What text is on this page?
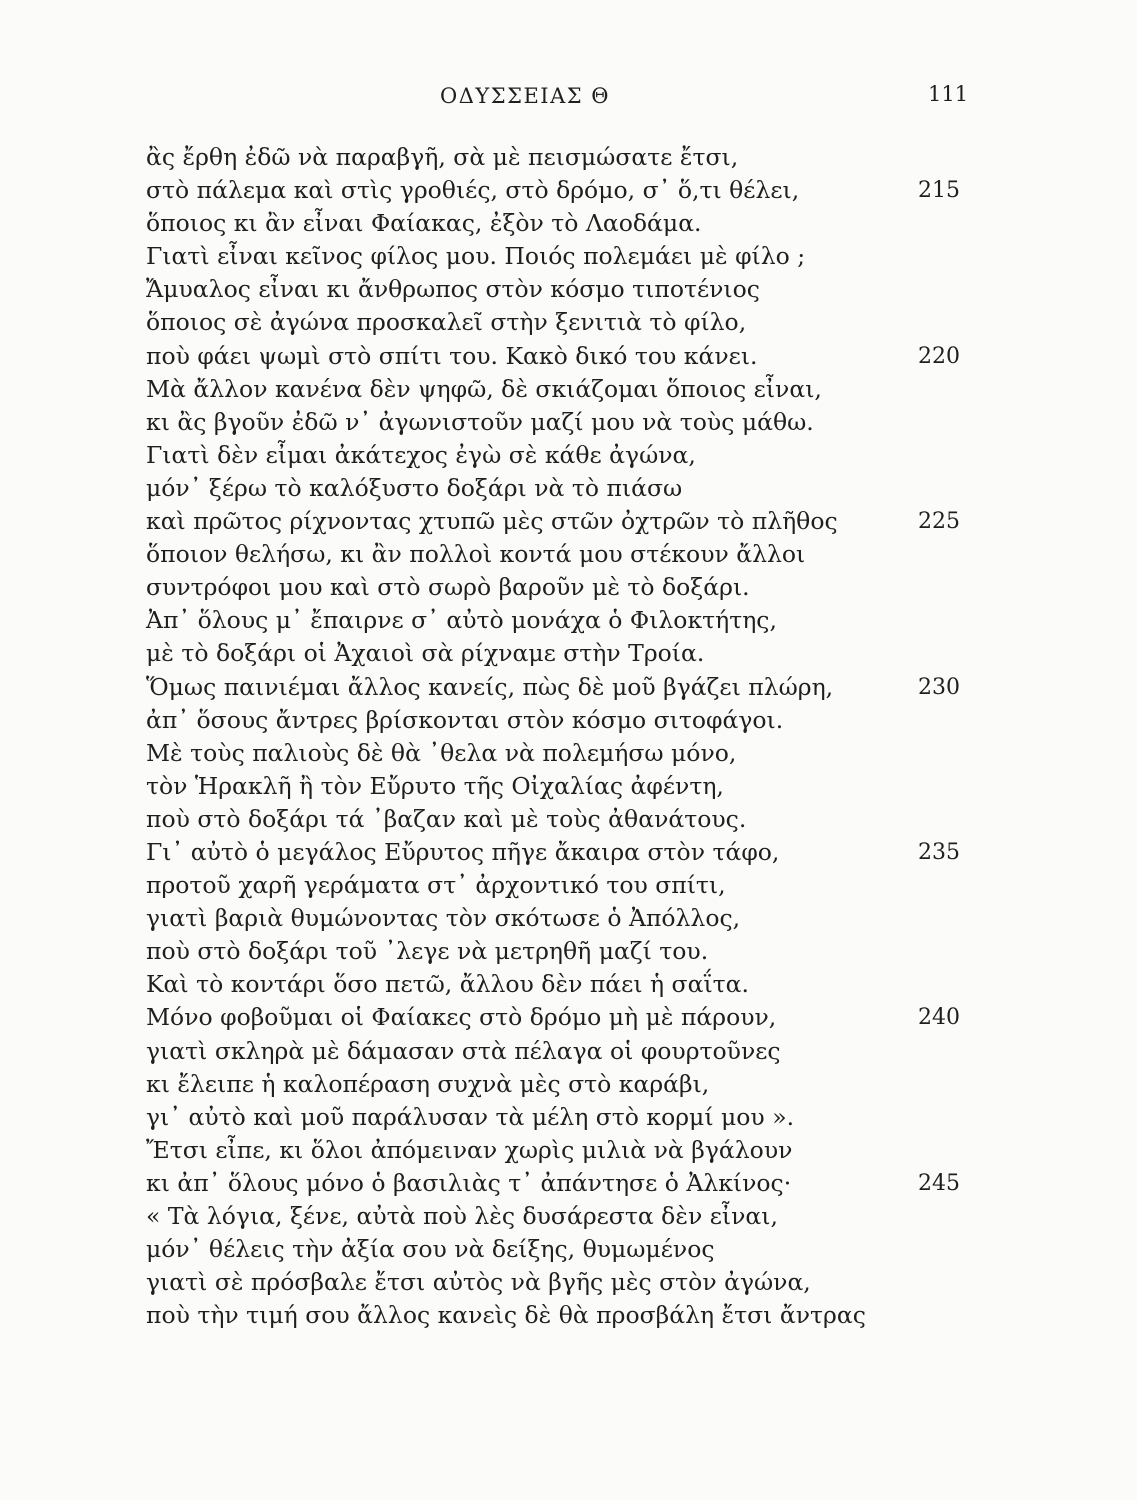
ΟΔΥΣΣΕΙΑΣ Θ	111
ἂς ἔρθη ἐδῶ νὰ παραβγῆ, σὰ μὲ πεισμώσατε ἔτσι,
στὸ πάλεμα καὶ στὶς γροθιές, στὸ δρόμο, σ᾿ ὅ,τι θέλει,	215
ὅποιος κι ἂν εἶναι Φαίακας, ἐξὸν τὸ Λαοδάμα.
Γιατὶ εἶναι κεῖνος φίλος μου. Ποιός πολεμάει μὲ φίλο ;
Ἄμυαλος εἶναι κι ἄνθρωπος στὸν κόσμο τιποτένιος
ὅποιος σὲ ἀγώνα προσκαλεῖ στὴν ξενιτιὰ τὸ φίλο,
ποὺ φάει ψωμὶ στὸ σπίτι του. Κακὸ δικό του κάνει.	220
Μὰ ἄλλον κανένα δὲν ψηφῶ, δὲ σκιάζομαι ὅποιος εἶναι,
κι ἂς βγοῦν ἐδῶ ν᾿ ἀγωνιστοῦν μαζί μου νὰ τοὺς μάθω.
Γιατὶ δὲν εἶμαι ἀκάτεχος ἐγὼ σὲ κάθε ἀγώνα,
μόν᾿ ξέρω τὸ καλόξυστο δοξάρι νὰ τὸ πιάσω
καὶ πρῶτος ρίχνοντας χτυπῶ μὲς στῶν ὀχτρῶν τὸ πλῆθος	225
ὅποιον θελήσω, κι ἂν πολλοὶ κοντά μου στέκουν ἄλλοι
συντρόφοι μου καὶ στὸ σωρὸ βαροῦν μὲ τὸ δοξάρι.
Ἀπ᾿ ὅλους μ᾿ ἔπαιρνε σ᾿ αὐτὸ μονάχα ὁ Φιλοκτήτης,
μὲ τὸ δοξάρι οἱ Ἀχαιοὶ σὰ ρίχναμε στὴν Τροία.
Ὅμως παινιέμαι ἄλλος κανείς, πὼς δὲ μοῦ βγάζει πλώρη,	230
ἀπ᾿ ὅσους ἄντρες βρίσκονται στὸν κόσμο σιτοφάγοι.
Μὲ τοὺς παλιοὺς δὲ θὰ ᾿θελα νὰ πολεμήσω μόνο,
τὸν Ἡρακλῆ ἢ τὸν Εὔρυτο τῆς Οἰχαλίας ἀφέντη,
ποὺ στὸ δοξάρι τά ᾿βαζαν καὶ μὲ τοὺς ἀθανάτους.
Γι᾿ αὐτὸ ὁ μεγάλος Εὔρυτος πῆγε ἄκαιρα στὸν τάφο,	235
προτοῦ χαρῆ γεράματα στ᾿ ἀρχοντικό του σπίτι,
γιατὶ βαριὰ θυμώνοντας τὸν σκότωσε ὁ Ἀπόλλος,
ποὺ στὸ δοξάρι τοῦ ᾿λεγε νὰ μετρηθῆ μαζί του.
Καὶ τὸ κοντάρι ὅσο πετῶ, ἄλλου δὲν πάει ἡ σαΐτα.
Μόνο φοβοῦμαι οἱ Φαίακες στὸ δρόμο μὴ μὲ πάρουν,	240
γιατὶ σκληρὰ μὲ δάμασαν στὰ πέλαγα οἱ φουρτοῦνες
κι ἔλειπε ἡ καλοπέραση συχνὰ μὲς στὸ καράβι,
γι᾿ αὐτὸ καὶ μοῦ παράλυσαν τὰ μέλη στὸ κορμί μου ».
Ἔτσι εἶπε, κι ὅλοι ἀπόμειναν χωρὶς μιλιὰ νὰ βγάλουν
κι ἀπ᾿ ὅλους μόνο ὁ βασιλιὰς τ᾿ ἀπάντησε ὁ Ἀλκίνος·	245
« Τὰ λόγια, ξένε, αὐτὰ ποὺ λὲς δυσάρεστα δὲν εἶναι,
μόν᾿ θέλεις τὴν ἀξία σου νὰ δείξης, θυμωμένος
γιατὶ σὲ πρόσβαλε ἔτσι αὐτὸς νὰ βγῆς μὲς στὸν ἀγώνα,
ποὺ τὴν τιμή σου ἄλλος κανεὶς δὲ θὰ προσβάλη ἔτσι ἄντρας
